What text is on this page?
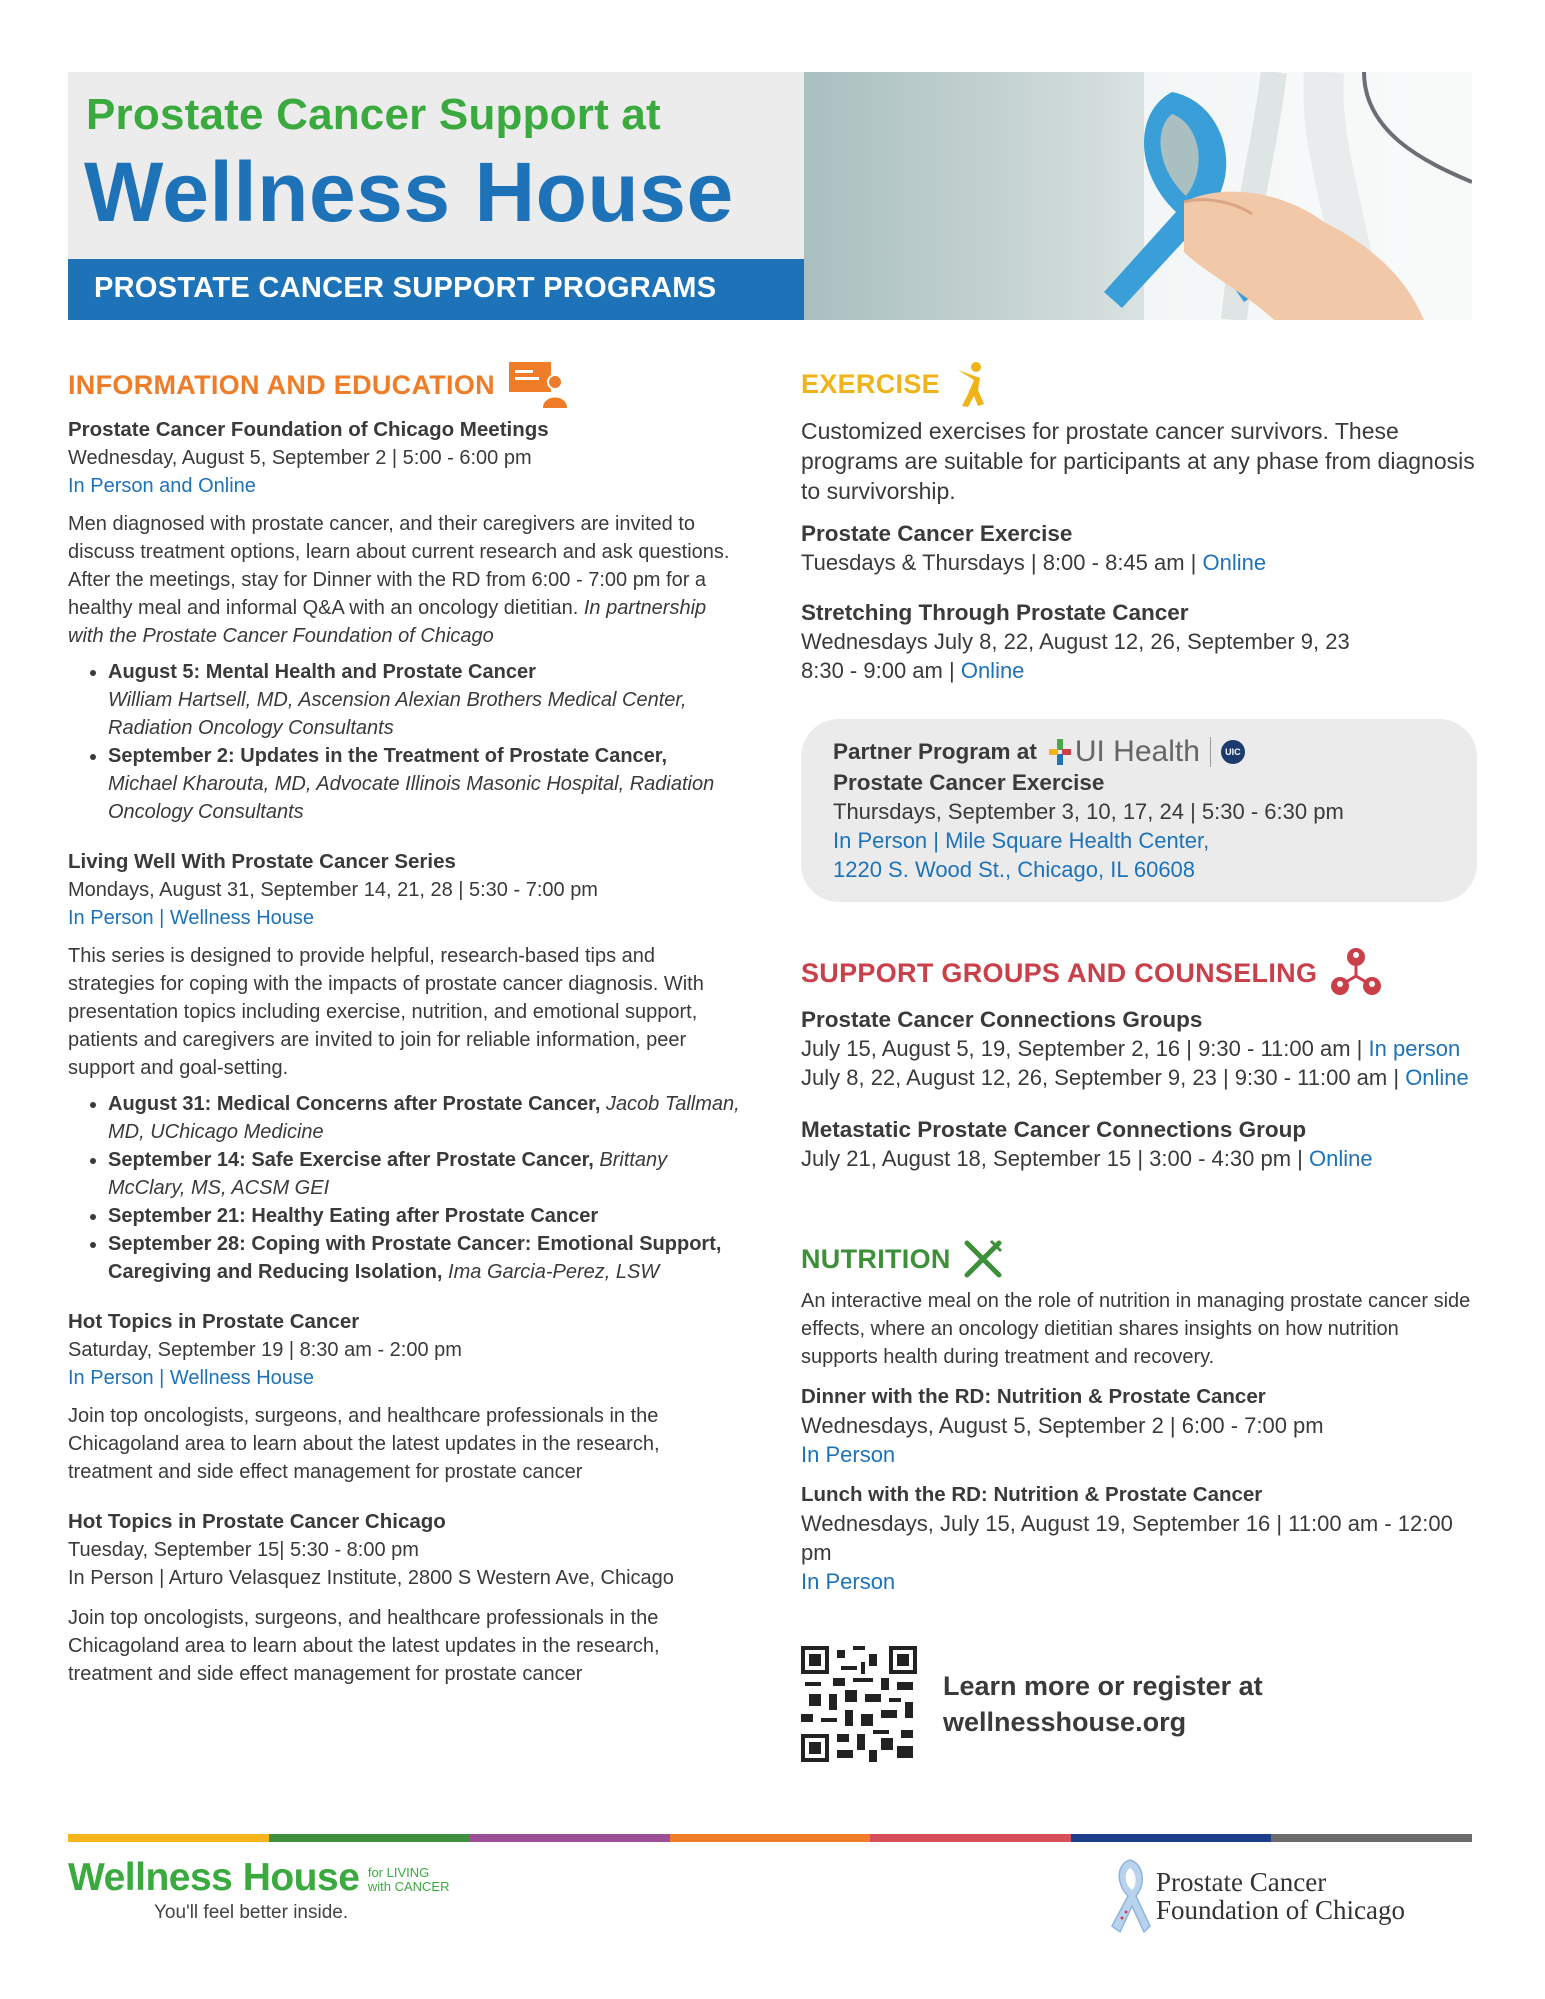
Prostate Cancer Support at
Wellness House
PROSTATE CANCER SUPPORT PROGRAMS
INFORMATION AND EDUCATION

Prostate Cancer Foundation of Chicago Meetings

Wednesday, August 5, September 2 | 5:00 - 6:00 pm

In Person and Online

Men diagnosed with prostate cancer, and their caregivers are invited to discuss treatment options, learn about current research and ask questions. After the meetings, stay for Dinner with the RD from 6:00 - 7:00 pm for a healthy meal and informal Q&A with an oncology dietitian. In partnership with the Prostate Cancer Foundation of Chicago

• August 5: Mental Health and Prostate Cancer
William Hartsell, MD, Ascension Alexian Brothers Medical Center, Radiation Oncology Consultants
• September 2: Updates in the Treatment of Prostate Cancer, Michael Kharouta, MD, Advocate Illinois Masonic Hospital, Radiation Oncology Consultants

Living Well With Prostate Cancer Series

Mondays, August 31, September 14, 21, 28 | 5:30 - 7:00 pm

In Person | Wellness House

This series is designed to provide helpful, research-based tips and strategies for coping with the impacts of prostate cancer diagnosis. With presentation topics including exercise, nutrition, and emotional support, patients and caregivers are invited to join for reliable information, peer support and goal-setting.

• August 31: Medical Concerns after Prostate Cancer, Jacob Tallman, MD, UChicago Medicine
• September 14: Safe Exercise after Prostate Cancer, Brittany McClary, MS, ACSM GEI
• September 21: Healthy Eating after Prostate Cancer
• September 28: Coping with Prostate Cancer: Emotional Support, Caregiving and Reducing Isolation, Ima Garcia-Perez, LSW

Hot Topics in Prostate Cancer

Saturday, September 19 | 8:30 am - 2:00 pm

In Person | Wellness House

Join top oncologists, surgeons, and healthcare professionals in the Chicagoland area to learn about the latest updates in the research, treatment and side effect management for prostate cancer

Hot Topics in Prostate Cancer Chicago

Tuesday, September 15| 5:30 - 8:00 pm

In Person | Arturo Velasquez Institute, 2800 S Western Ave, Chicago

Join top oncologists, surgeons, and healthcare professionals in the Chicagoland area to learn about the latest updates in the research, treatment and side effect management for prostate cancer

EXERCISE

Customized exercises for prostate cancer survivors. These programs are suitable for participants at any phase from diagnosis to survivorship.

Prostate Cancer Exercise

Tuesdays & Thursdays | 8:00 - 8:45 am | Online

Stretching Through Prostate Cancer

Wednesdays July 8, 22, August 12, 26, September 9, 23

8:30 - 9:00 am | Online

Partner Program at UI Health	UIC

Prostate Cancer Exercise

Thursdays, September 3, 10, 17, 24 | 5:30 - 6:30 pm

In Person | Mile Square Health Center,

1220 S. Wood St., Chicago, IL 60608

SUPPORT GROUPS AND COUNSELING

Prostate Cancer Connections Groups

July 15, August 5, 19, September 2, 16 | 9:30 - 11:00 am | In person

July 8, 22, August 12, 26, September 9, 23 | 9:30 - 11:00 am | Online

Metastatic Prostate Cancer Connections Group

July 21, August 18, September 15 | 3:00 - 4:30 pm | Online

NUTRITION

An interactive meal on the role of nutrition in managing prostate cancer side effects, where an oncology dietitian shares insights on how nutrition supports health during treatment and recovery.

Dinner with the RD: Nutrition & Prostate Cancer

Wednesdays, August 5, September 2 | 6:00 - 7:00 pm

In Person

Lunch with the RD: Nutrition & Prostate Cancer

Wednesdays, July 15, August 19, September 16 | 11:00 am - 12:00 pm

In Person

Learn more or register at
wellnesshouse.org
Wellness House for LIVING
with CANCER
You'll feel better inside.
Prostate Cancer
Foundation of Chicago
